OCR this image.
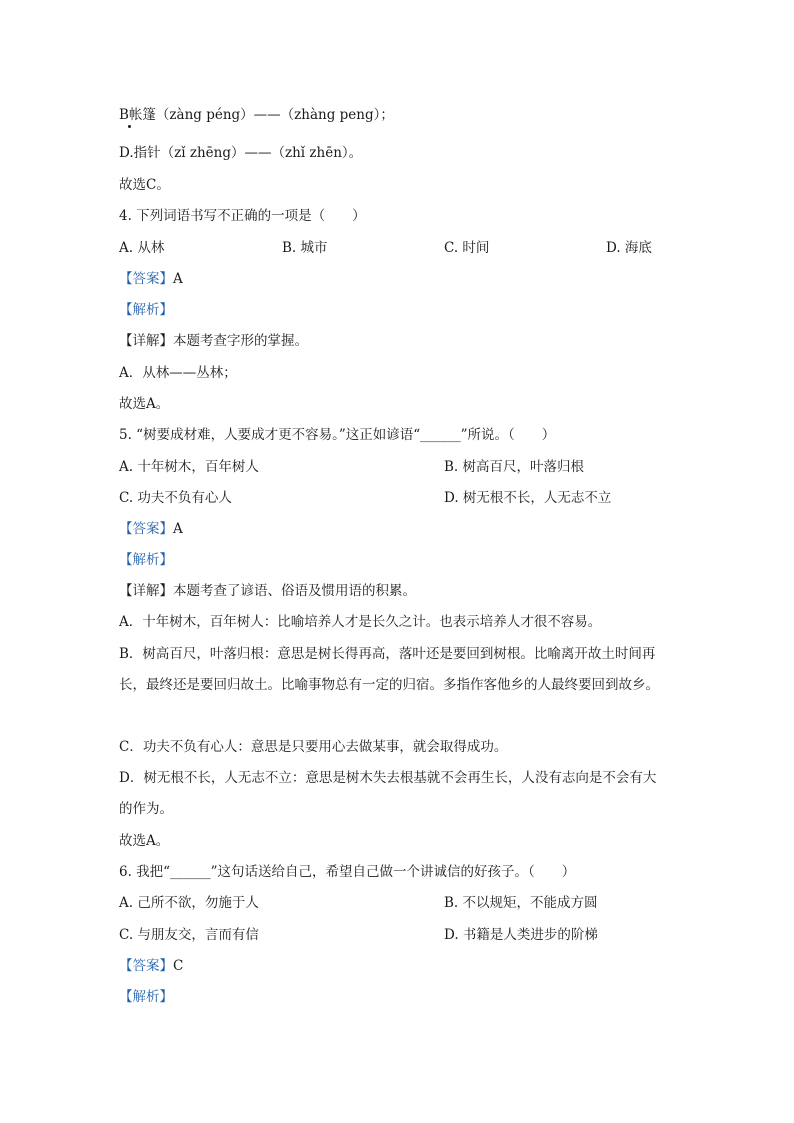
B帐篷（zàng péng）——（zhàng peng）；
D.指针（zǐ zhēng）——（zhǐ zhēn）。
故选C。
4. 下列词语书写不正确的一项是（　　）
A. 从林	B. 城市	C. 时间	D. 海底
【答案】A
【解析】
【详解】本题考查字形的掌握。
A．从林——丛林；
故选A。
5. “树要成材难，人要成才更不容易。”这正如谚语“______”所说。（　　）
A. 十年树木，百年树人	B. 树高百尺，叶落归根
C. 功夫不负有心人	D. 树无根不长，人无志不立
【答案】A
【解析】
【详解】本题考查了谚语、俗语及惯用语的积累。
A．十年树木，百年树人：比喻培养人才是长久之计。也表示培养人才很不容易。
B．树高百尺，叶落归根：意思是树长得再高，落叶还是要回到树根。比喻离开故土时间再
长，最终还是要回归故土。比喻事物总有一定的归宿。多指作客他乡的人最终要回到故乡。
C．功夫不负有心人：意思是只要用心去做某事，就会取得成功。
D．树无根不长，人无志不立：意思是树木失去根基就不会再生长，人没有志向是不会有大
的作为。
故选A。
6. 我把“______”这句话送给自己，希望自己做一个讲诚信的好孩子。（　　）
A. 己所不欲，勿施于人	B. 不以规矩，不能成方圆
C. 与朋友交，言而有信	D. 书籍是人类进步的阶梯
【答案】C
【解析】
